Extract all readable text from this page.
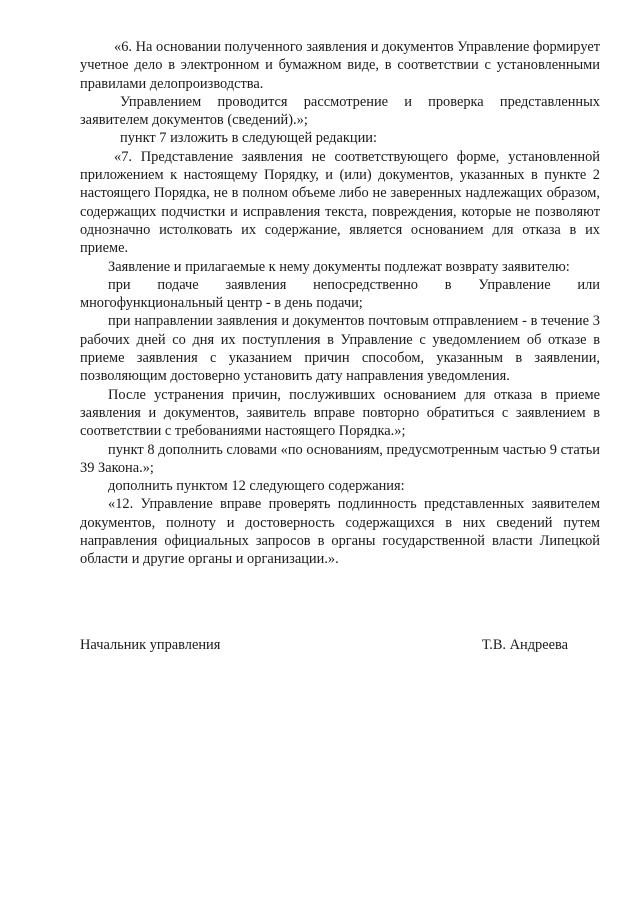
«6. На основании полученного заявления и документов Управление формирует учетное дело в электронном и бумажном виде, в соответствии с установленными правилами делопроизводства.

Управлением проводится рассмотрение и проверка представленных заявителем документов (сведений).»;

пункт 7 изложить в следующей редакции:

«7. Представление заявления не соответствующего форме, установленной приложением к настоящему Порядку, и (или) документов, указанных в пункте 2 настоящего Порядка, не в полном объеме либо не заверенных надлежащих образом, содержащих подчистки и исправления текста, повреждения, которые не позволяют однозначно истолковать их содержание, является основанием для отказа в их приеме.

Заявление и прилагаемые к нему документы подлежат возврату заявителю:

при подаче заявления непосредственно в Управление или многофункциональный центр - в день подачи;

при направлении заявления и документов почтовым отправлением - в течение 3 рабочих дней со дня их поступления в Управление с уведомлением об отказе в приеме заявления с указанием причин способом, указанным в заявлении, позволяющим достоверно установить дату направления уведомления.

После устранения причин, послуживших основанием для отказа в приеме заявления и документов, заявитель вправе повторно обратиться с заявлением в соответствии с требованиями настоящего Порядка.»;

пункт 8 дополнить словами «по основаниям, предусмотренным частью 9 статьи 39 Закона.»;

дополнить пунктом 12 следующего содержания:

«12. Управление вправе проверять подлинность представленных заявителем документов, полноту и достоверность содержащихся в них сведений путем направления официальных запросов в органы государственной власти Липецкой области и другие органы и организации.».

Начальник управления	Т.В. Андреева
